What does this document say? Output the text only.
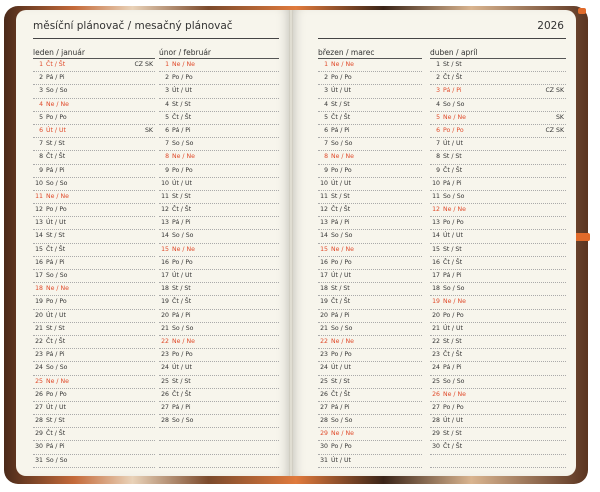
měsíční plánovač / mesačný plánovač	2026
leden / január
1 Čt / Št	CZ SK
2 Pá / Pi
3 So / So
4 Ne / Ne
5 Po / Po
6 Út / Ut	SK
7 St / St
8 Čt / Št
9 Pá / Pi
10 So / So
11 Ne / Ne
12 Po / Po
13 Út / Ut
14 St / St
15 Čt / Št
16 Pá / Pi
17 So / So
18 Ne / Ne
19 Po / Po
20 Út / Ut
21 St / St
22 Čt / Št
23 Pá / Pi
24 So / So
25 Ne / Ne
26 Po / Po
27 Út / Ut
28 St / St
29 Čt / Št
30 Pá / Pi
31 So / So
únor / február
1 Ne / Ne
2 Po / Po
3 Út / Ut
4 St / St
5 Čt / Št
6 Pá / Pi
7 So / So
8 Ne / Ne
9 Po / Po
10 Út / Ut
11 St / St
12 Čt / Št
13 Pá / Pi
14 So / So
15 Ne / Ne
16 Po / Po
17 Út / Ut
18 St / St
19 Čt / Št
20 Pá / Pi
21 So / So
22 Ne / Ne
23 Po / Po
24 Út / Ut
25 St / St
26 Čt / Št
27 Pá / Pi
28 So / So
březen / marec
1 Ne / Ne
2 Po / Po
3 Út / Ut
4 St / St
5 Čt / Št
6 Pá / Pi
7 So / So
8 Ne / Ne
9 Po / Po
10 Út / Ut
11 St / St
12 Čt / Št
13 Pá / Pi
14 So / So
15 Ne / Ne
16 Po / Po
17 Út / Ut
18 St / St
19 Čt / Št
20 Pá / Pi
21 So / So
22 Ne / Ne
23 Po / Po
24 Út / Ut
25 St / St
26 Čt / Št
27 Pá / Pi
28 So / So
29 Ne / Ne
30 Po / Po
31 Út / Ut
duben / apríl
1 St / St
2 Čt / Št
3 Pá / Pi	CZ SK
4 So / So
5 Ne / Ne	SK
6 Po / Po	CZ SK
7 Út / Ut
8 St / St
9 Čt / Št
10 Pá / Pi
11 So / So
12 Ne / Ne
13 Po / Po
14 Út / Ut
15 St / St
16 Čt / Št
17 Pá / Pi
18 So / So
19 Ne / Ne
20 Po / Po
21 Út / Ut
22 St / St
23 Čt / Št
24 Pá / Pi
25 So / So
26 Ne / Ne
27 Po / Po
28 Út / Ut
29 St / St
30 Čt / Št
